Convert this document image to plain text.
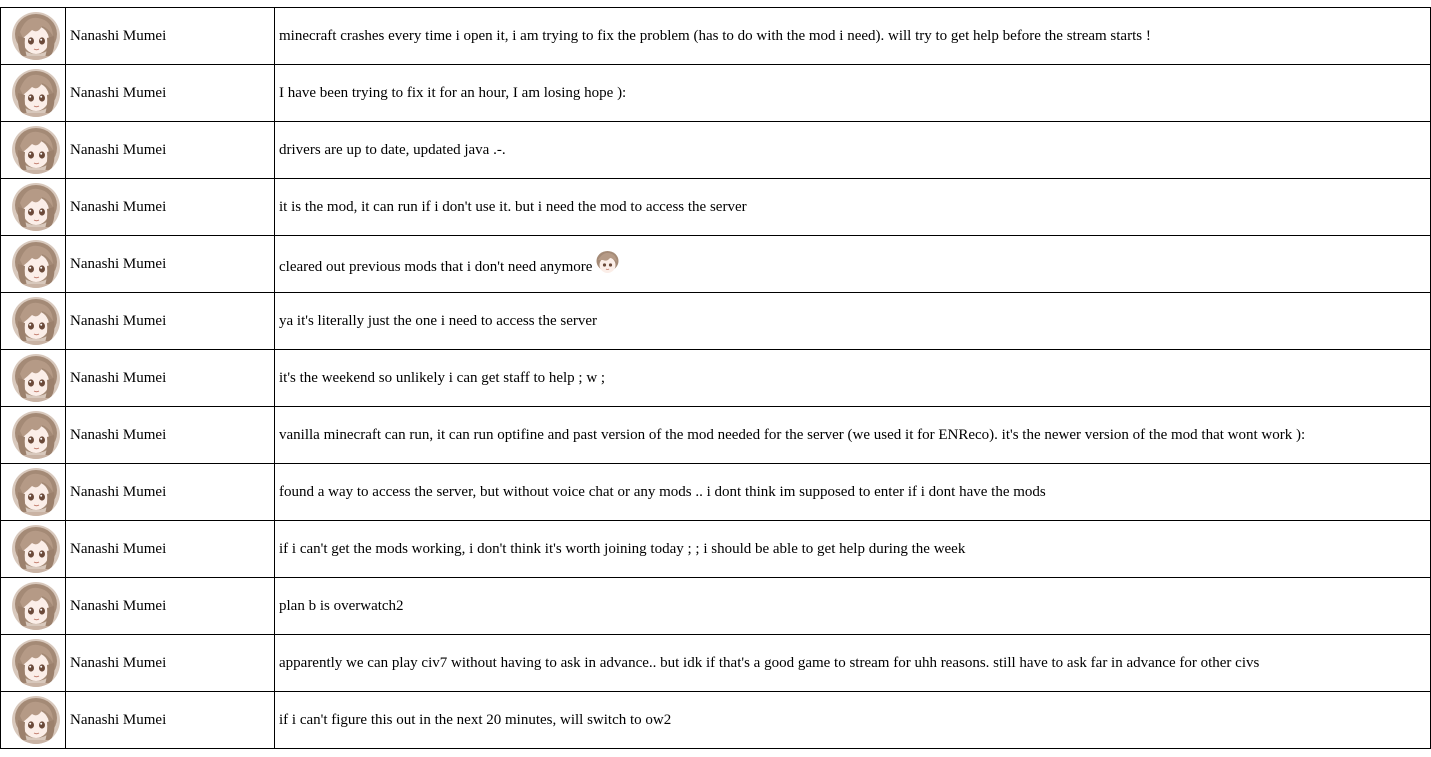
Nanashi Mumei	minecraft crashes every time i open it, i am trying to fix the problem (has to do with the mod i need). will try to get help before the stream starts !
Nanashi Mumei	I have been trying to fix it for an hour, I am losing hope ):
Nanashi Mumei	drivers are up to date, updated java .-.
Nanashi Mumei	it is the mod, it can run if i don't use it. but i need the mod to access the server
Nanashi Mumei	cleared out previous mods that i don't need anymore
Nanashi Mumei	ya it's literally just the one i need to access the server
Nanashi Mumei	it's the weekend so unlikely i can get staff to help ; w ;
Nanashi Mumei	vanilla minecraft can run, it can run optifine and past version of the mod needed for the server (we used it for ENReco). it's the newer version of the mod that wont work ):
Nanashi Mumei	found a way to access the server, but without voice chat or any mods .. i dont think im supposed to enter if i dont have the mods
Nanashi Mumei	if i can't get the mods working, i don't think it's worth joining today ; ; i should be able to get help during the week
Nanashi Mumei	plan b is overwatch2
Nanashi Mumei	apparently we can play civ7 without having to ask in advance.. but idk if that's a good game to stream for uhh reasons. still have to ask far in advance for other civs
Nanashi Mumei	if i can't figure this out in the next 20 minutes, will switch to ow2
